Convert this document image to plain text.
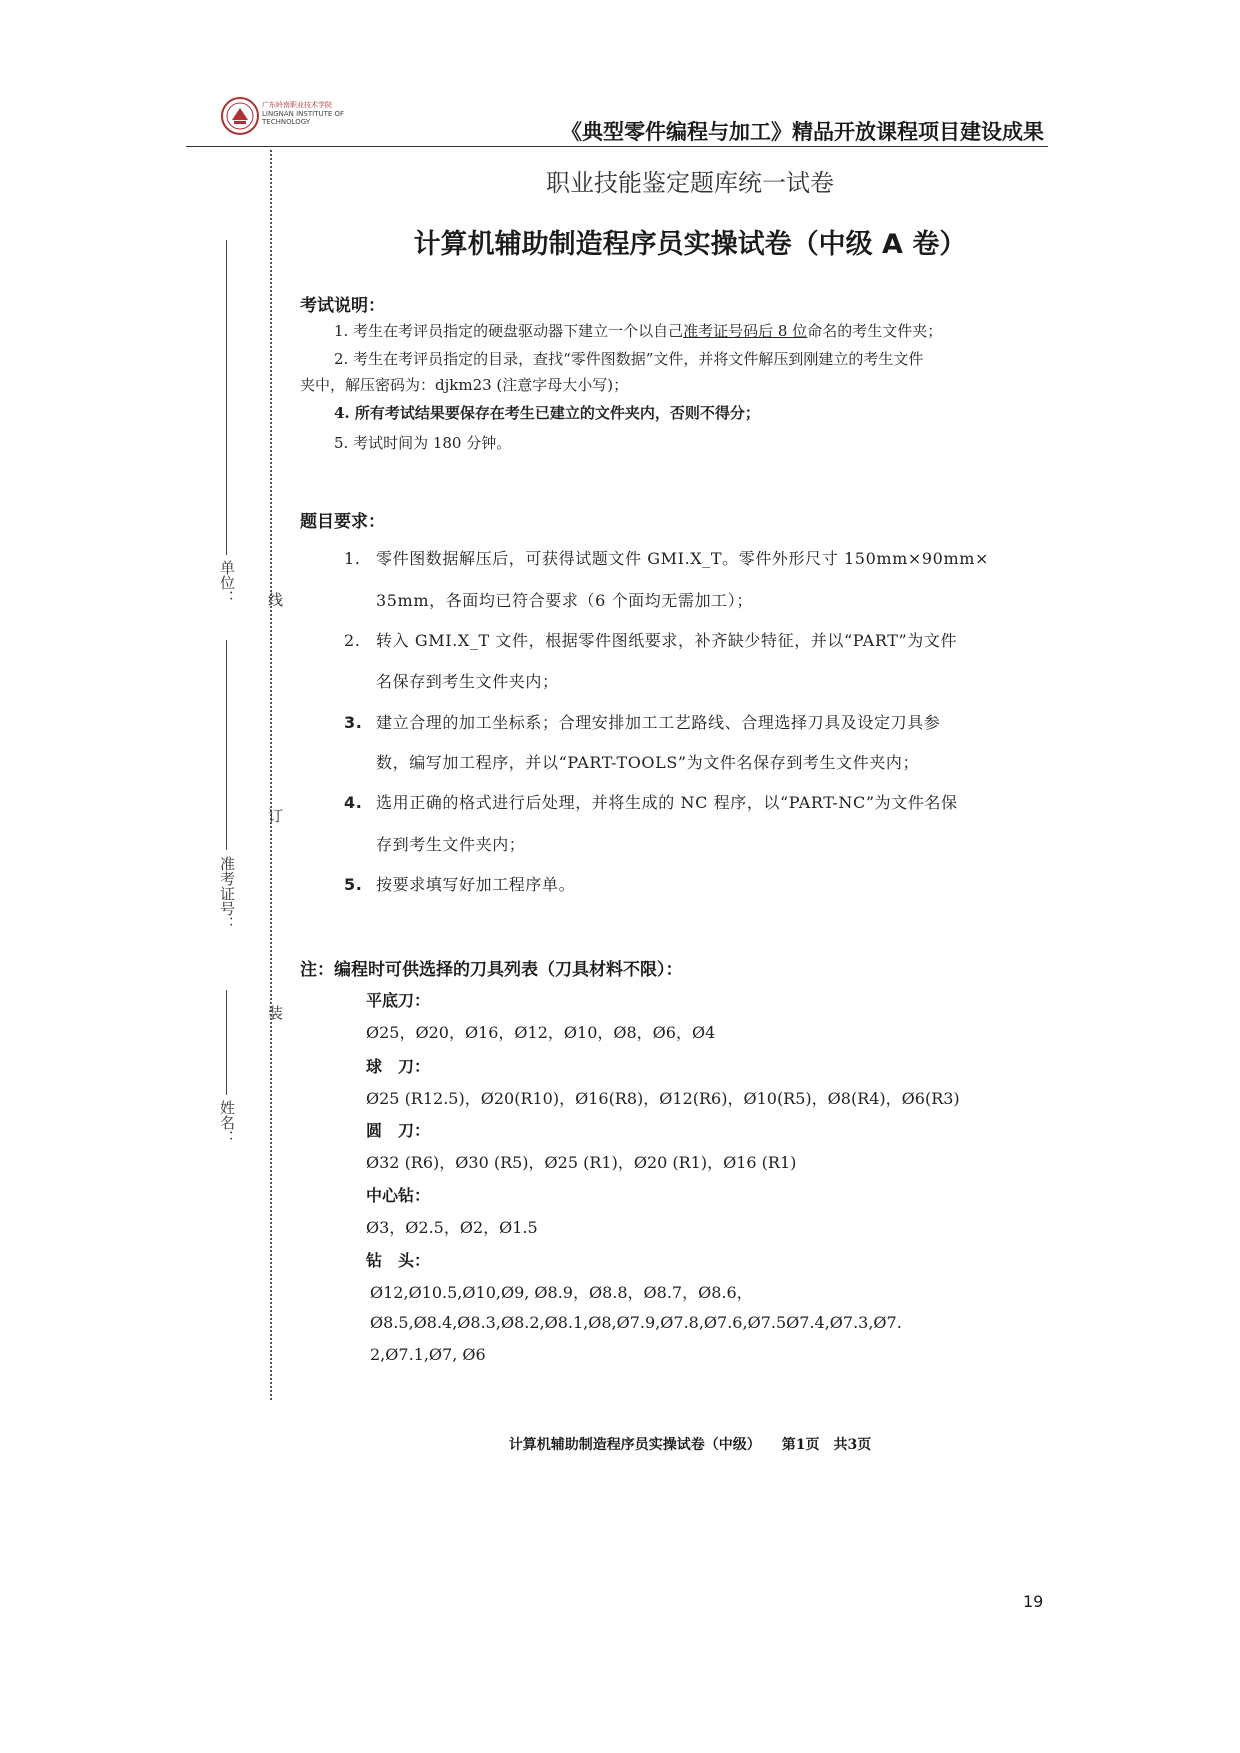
广东岭南职业技术学院
LINGNAN INSTITUTE OF TECHNOLOGY	《典型零件编程与加工》精品开放课程项目建设成果
线
订
装
单位：
准考证号：
姓名：
职业技能鉴定题库统一试卷
计算机辅助制造程序员实操试卷（中级 A 卷）
考试说明：
1. 考生在考评员指定的硬盘驱动器下建立一个以自己准考证号码后 8 位命名的考生文件夹；
2. 考生在考评员指定的目录，查找“零件图数据”文件，并将文件解压到刚建立的考生文件
夹中，解压密码为：djkm23 (注意字母大小写)；
4. 所有考试结果要保存在考生已建立的文件夹内，否则不得分；
5. 考试时间为 180 分钟。
题目要求：
1. 零件图数据解压后，可获得试题文件 GMI.X_T。零件外形尺寸 150mm×90mm×
35mm，各面均已符合要求（6 个面均无需加工）；
2. 转入 GMI.X_T 文件，根据零件图纸要求，补齐缺少特征，并以“PART”为文件
名保存到考生文件夹内；
3. 建立合理的加工坐标系；合理安排加工工艺路线、合理选择刀具及设定刀具参
数，编写加工程序，并以“PART-TOOLS”为文件名保存到考生文件夹内；
4. 选用正确的格式进行后处理，并将生成的 NC 程序，以“PART-NC”为文件名保
存到考生文件夹内；
5. 按要求填写好加工程序单。
注：编程时可供选择的刀具列表（刀具材料不限）：
平底刀：
Ø25，Ø20，Ø16，Ø12，Ø10，Ø8，Ø6，Ø4
球　刀：
Ø25 (R12.5)，Ø20(R10)，Ø16(R8)，Ø12(R6)，Ø10(R5)，Ø8(R4)，Ø6(R3)
圆　刀：
Ø32 (R6)，Ø30 (R5)，Ø25 (R1)，Ø20 (R1)，Ø16 (R1)
中心钻：
Ø3，Ø2.5，Ø2，Ø1.5
钻　头：
Ø12,Ø10.5,Ø10,Ø9, Ø8.9，Ø8.8，Ø8.7，Ø8.6，
Ø8.5,Ø8.4,Ø8.3,Ø8.2,Ø8.1,Ø8,Ø7.9,Ø7.8,Ø7.6,Ø7.5Ø7.4,Ø7.3,Ø7.
2,Ø7.1,Ø7, Ø6
计算机辅助制造程序员实操试卷（中级）　　第1页　共3页
19
